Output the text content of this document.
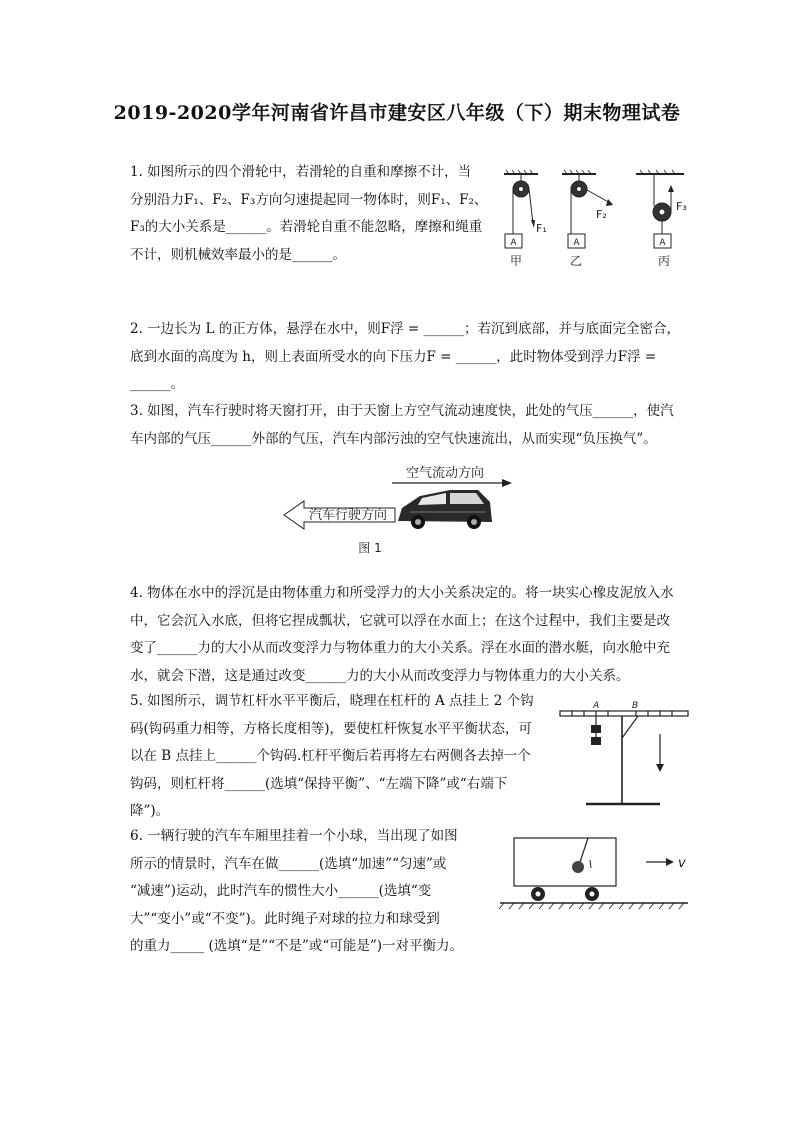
2019-2020学年河南省许昌市建安区八年级（下）期末物理试卷

1. 如图所示的四个滑轮中，若滑轮的自重和摩擦不计，当

分别沿力F₁、F₂、F₃方向匀速提起同一物体时，则F₁、F₂、

F₃的大小关系是______。若滑轮自重不能忽略，摩擦和绳重

不计，则机械效率最小的是______。

A	A	A
F₁
F₂
F₃
甲	乙	丙

2. 一边长为 L 的正方体，悬浮在水中，则F浮 = ______；若沉到底部，并与底面完全密合，

底到水面的高度为 h，则上表面所受水的向下压力F = ______，此时物体受到浮力F浮 =

______。

3. 如图，汽车行驶时将天窗打开，由于天窗上方空气流动速度快，此处的气压______，使汽

车内部的气压______外部的气压，汽车内部污浊的空气快速流出，从而实现“负压换气”。

空气流动方向
汽车行驶方向
图 1

4. 物体在水中的浮沉是由物体重力和所受浮力的大小关系决定的。将一块实心橡皮泥放入水

中，它会沉入水底，但将它捏成瓢状，它就可以浮在水面上；在这个过程中，我们主要是改

变了______力的大小从而改变浮力与物体重力的大小关系。浮在水面的潜水艇，向水舱中充

水，就会下潜，这是通过改变______力的大小从而改变浮力与物体重力的大小关系。

5. 如图所示，调节杠杆水平平衡后，晓理在杠杆的 A 点挂上 2 个钩

码(钩码重力相等，方格长度相等)，要使杠杆恢复水平平衡状态，可

以在 B 点挂上______个钩码.杠杆平衡后若再将左右两侧各去掉一个

钩码，则杠杆将______(选填“保持平衡”、“左端下降”或“右端下

降”)。

A	B

6. 一辆行驶的汽车车厢里挂着一个小球，当出现了如图

所示的情景时，汽车在做______(选填“加速”“匀速”或

“减速”)运动，此时汽车的惯性大小______(选填“变

大”“变小”或“不变”)。此时绳子对球的拉力和球受到

的重力_____ (选填“是”“不是”或“可能是”)一对平衡力。

v
